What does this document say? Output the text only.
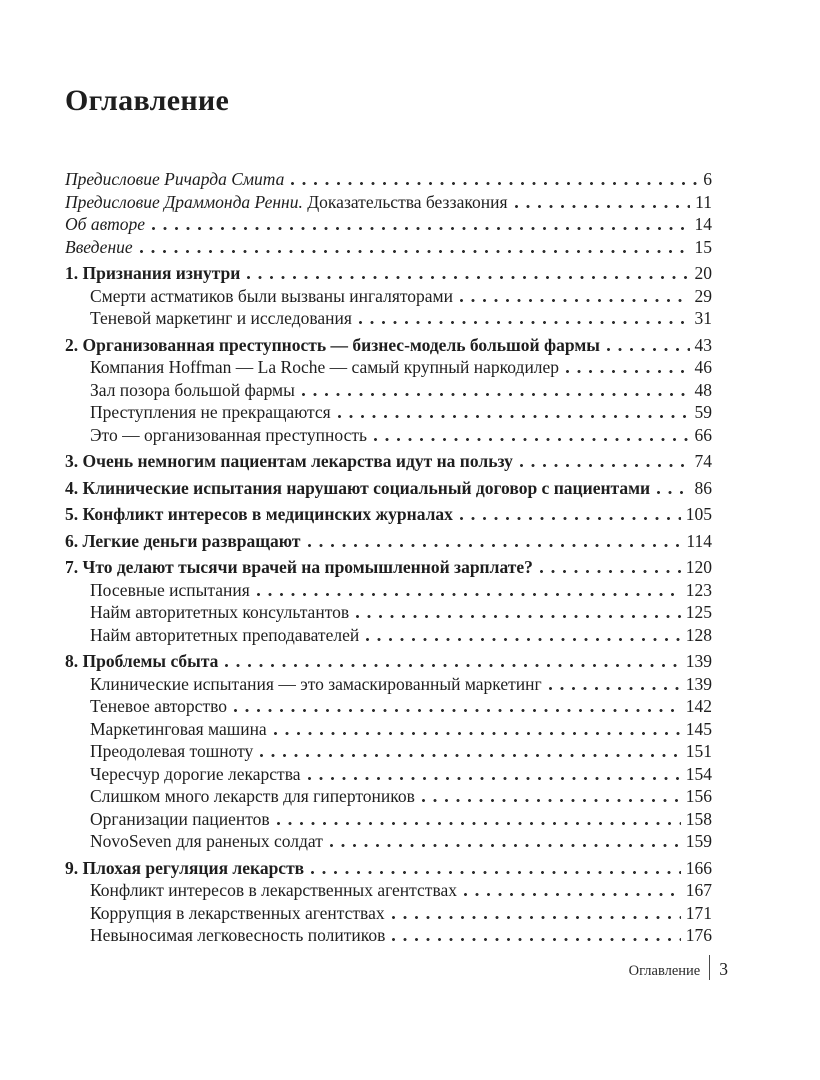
Оглавление
Предисловие Ричарда Смита	6
Предисловие Драммонда Ренни. Доказательства беззакония	11
Об авторе	14
Введение	15
1. Признания изнутри	20
Смерти астматиков были вызваны ингаляторами	29
Теневой маркетинг и исследования	31
2. Организованная преступность — бизнес-модель большой фармы	43
Компания Hoffman — La Roche — самый крупный наркодилер	46
Зал позора большой фармы	48
Преступления не прекращаются	59
Это — организованная преступность	66
3. Очень немногим пациентам лекарства идут на пользу	74
4. Клинические испытания нарушают социальный договор с пациентами	86
5. Конфликт интересов в медицинских журналах	105
6. Легкие деньги развращают	114
7. Что делают тысячи врачей на промышленной зарплате?	120
Посевные испытания	123
Найм авторитетных консультантов	125
Найм авторитетных преподавателей	128
8. Проблемы сбыта	139
Клинические испытания — это замаскированный маркетинг	139
Теневое авторство	142
Маркетинговая машина	145
Преодолевая тошноту	151
Чересчур дорогие лекарства	154
Слишком много лекарств для гипертоников	156
Организации пациентов	158
NovoSeven для раненых солдат	159
9. Плохая регуляция лекарств	166
Конфликт интересов в лекарственных агентствах	167
Коррупция в лекарственных агентствах	171
Невыносимая легковесность политиков	176
Оглавление 3
